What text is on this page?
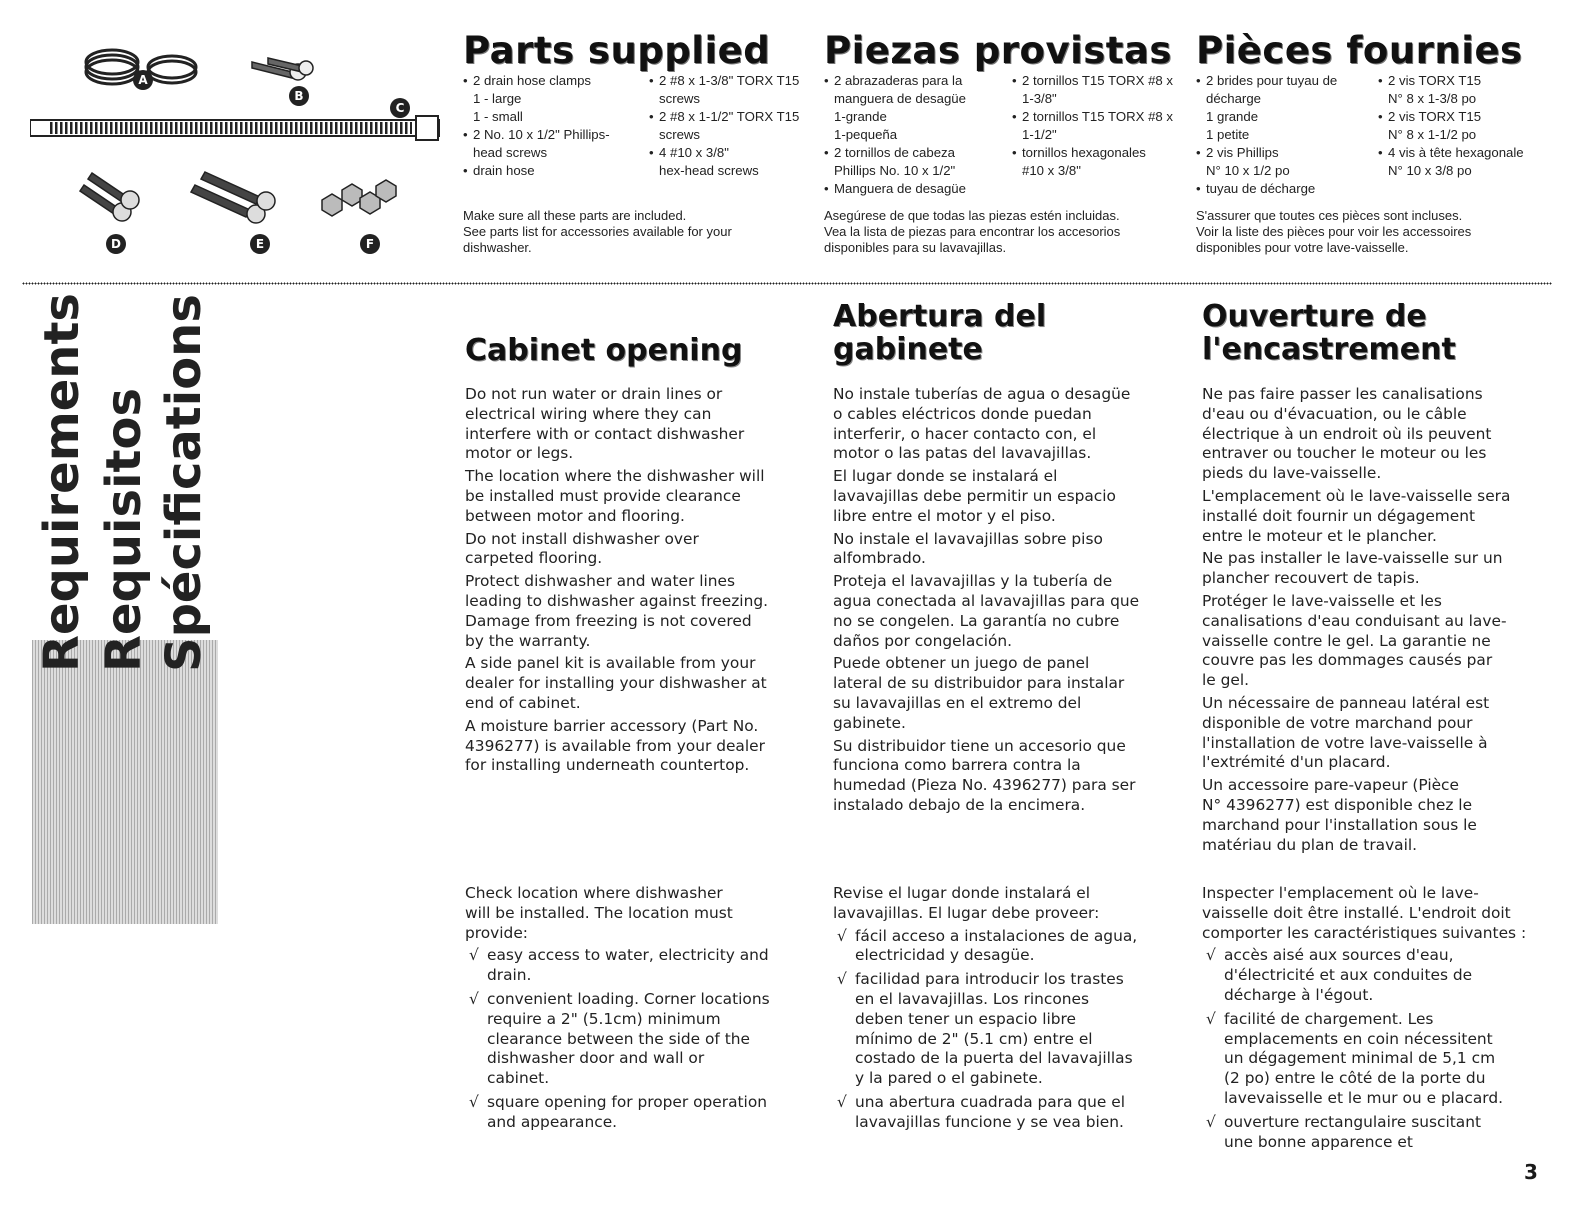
A
B
C
D	E	F
Parts supplied
• 2 drain hose clamps
1 - large
1 - small
• 2 No. 10 x 1/2" Phillips-
head screws
• drain hose
• 2 #8 x 1-3/8" TORX T15
screws
• 2 #8 x 1-1/2" TORX T15
screws
• 4 #10 x 3/8"
hex-head screws
Make sure all these parts are included.
See parts list for accessories available for your
dishwasher.
Piezas provistas
• 2 abrazaderas para la
manguera de desagüe
1-grande
1-pequeña
• 2 tornillos de cabeza
Phillips No. 10 x 1/2"
• Manguera de desagüe
• 2 tornillos T15 TORX #8 x
1-3/8"
• 2 tornillos T15 TORX #8 x
1-1/2"
• tornillos hexagonales
#10 x 3/8"
Asegúrese de que todas las piezas estén incluidas.
Vea la lista de piezas para encontrar los accesorios
disponibles para su lavavajillas.
Pièces fournies
• 2 brides pour tuyau de
décharge
1 grande
1 petite
• 2 vis Phillips
N° 10 x 1/2 po
• tuyau de décharge
• 2 vis TORX T15
N° 8 x 1-3/8 po
• 2 vis TORX T15
N° 8 x 1-1/2 po
• 4 vis à tête hexagonale
N° 10 x 3/8 po
S'assurer que toutes ces pièces sont incluses.
Voir la liste des pièces pour voir les accessoires
disponibles pour votre lave-vaisselle.
Requirements Requisitos Spécifications	Cabinet opening

Do not run water or drain lines or
electrical wiring where they can
interfere with or contact dishwasher
motor or legs.

The location where the dishwasher will
be installed must provide clearance
between motor and flooring.

Do not install dishwasher over
carpeted flooring.

Protect dishwasher and water lines
leading to dishwasher against freezing.
Damage from freezing is not covered
by the warranty.

A side panel kit is available from your
dealer for installing your dishwasher at
end of cabinet.

A moisture barrier accessory (Part No.
4396277) is available from your dealer
for installing underneath countertop.

Check location where dishwasher
will be installed. The location must
provide:

√ easy access to water, electricity and
drain.
√ convenient loading. Corner locations
require a 2" (5.1cm) minimum
clearance between the side of the
dishwasher door and wall or
cabinet.
√ square opening for proper operation
and appearance.
Abertura del
gabinete

No instale tuberías de agua o desagüe
o cables eléctricos donde puedan
interferir, o hacer contacto con, el
motor o las patas del lavavajillas.

El lugar donde se instalará el
lavavajillas debe permitir un espacio
libre entre el motor y el piso.

No instale el lavavajillas sobre piso
alfombrado.

Proteja el lavavajillas y la tubería de
agua conectada al lavavajillas para que
no se congelen. La garantía no cubre
daños por congelación.

Puede obtener un juego de panel
lateral de su distribuidor para instalar
su lavavajillas en el extremo del
gabinete.

Su distribuidor tiene un accesorio que
funciona como barrera contra la
humedad (Pieza No. 4396277) para ser
instalado debajo de la encimera.

Revise el lugar donde instalará el
lavavajillas. El lugar debe proveer:

√ fácil acceso a instalaciones de agua,
electricidad y desagüe.
√ facilidad para introducir los trastes
en el lavavajillas. Los rincones
deben tener un espacio libre
mínimo de 2" (5.1 cm) entre el
costado de la puerta del lavavajillas
y la pared o el gabinete.
√ una abertura cuadrada para que el
lavavajillas funcione y se vea bien.
Ouverture de
l'encastrement

Ne pas faire passer les canalisations
d'eau ou d'évacuation, ou le câble
électrique à un endroit où ils peuvent
entraver ou toucher le moteur ou les
pieds du lave-vaisselle.

L'emplacement où le lave-vaisselle sera
installé doit fournir un dégagement
entre le moteur et le plancher.

Ne pas installer le lave-vaisselle sur un
plancher recouvert de tapis.

Protéger le lave-vaisselle et les
canalisations d'eau conduisant au lave-
vaisselle contre le gel. La garantie ne
couvre pas les dommages causés par
le gel.

Un nécessaire de panneau latéral est
disponible de votre marchand pour
l'installation de votre lave-vaisselle à
l'extrémité d'un placard.

Un accessoire pare-vapeur (Pièce
N° 4396277) est disponible chez le
marchand pour l'installation sous le
matériau du plan de travail.

Inspecter l'emplacement où le lave-
vaisselle doit être installé. L'endroit doit
comporter les caractéristiques suivantes :

√ accès aisé aux sources d'eau,
d'électricité et aux conduites de
décharge à l'égout.
√ facilité de chargement. Les
emplacements en coin nécessitent
un dégagement minimal de 5,1 cm
(2 po) entre le côté de la porte du
lavevaisselle et le mur ou e placard.
√ ouverture rectangulaire suscitant
une bonne apparence et
3
